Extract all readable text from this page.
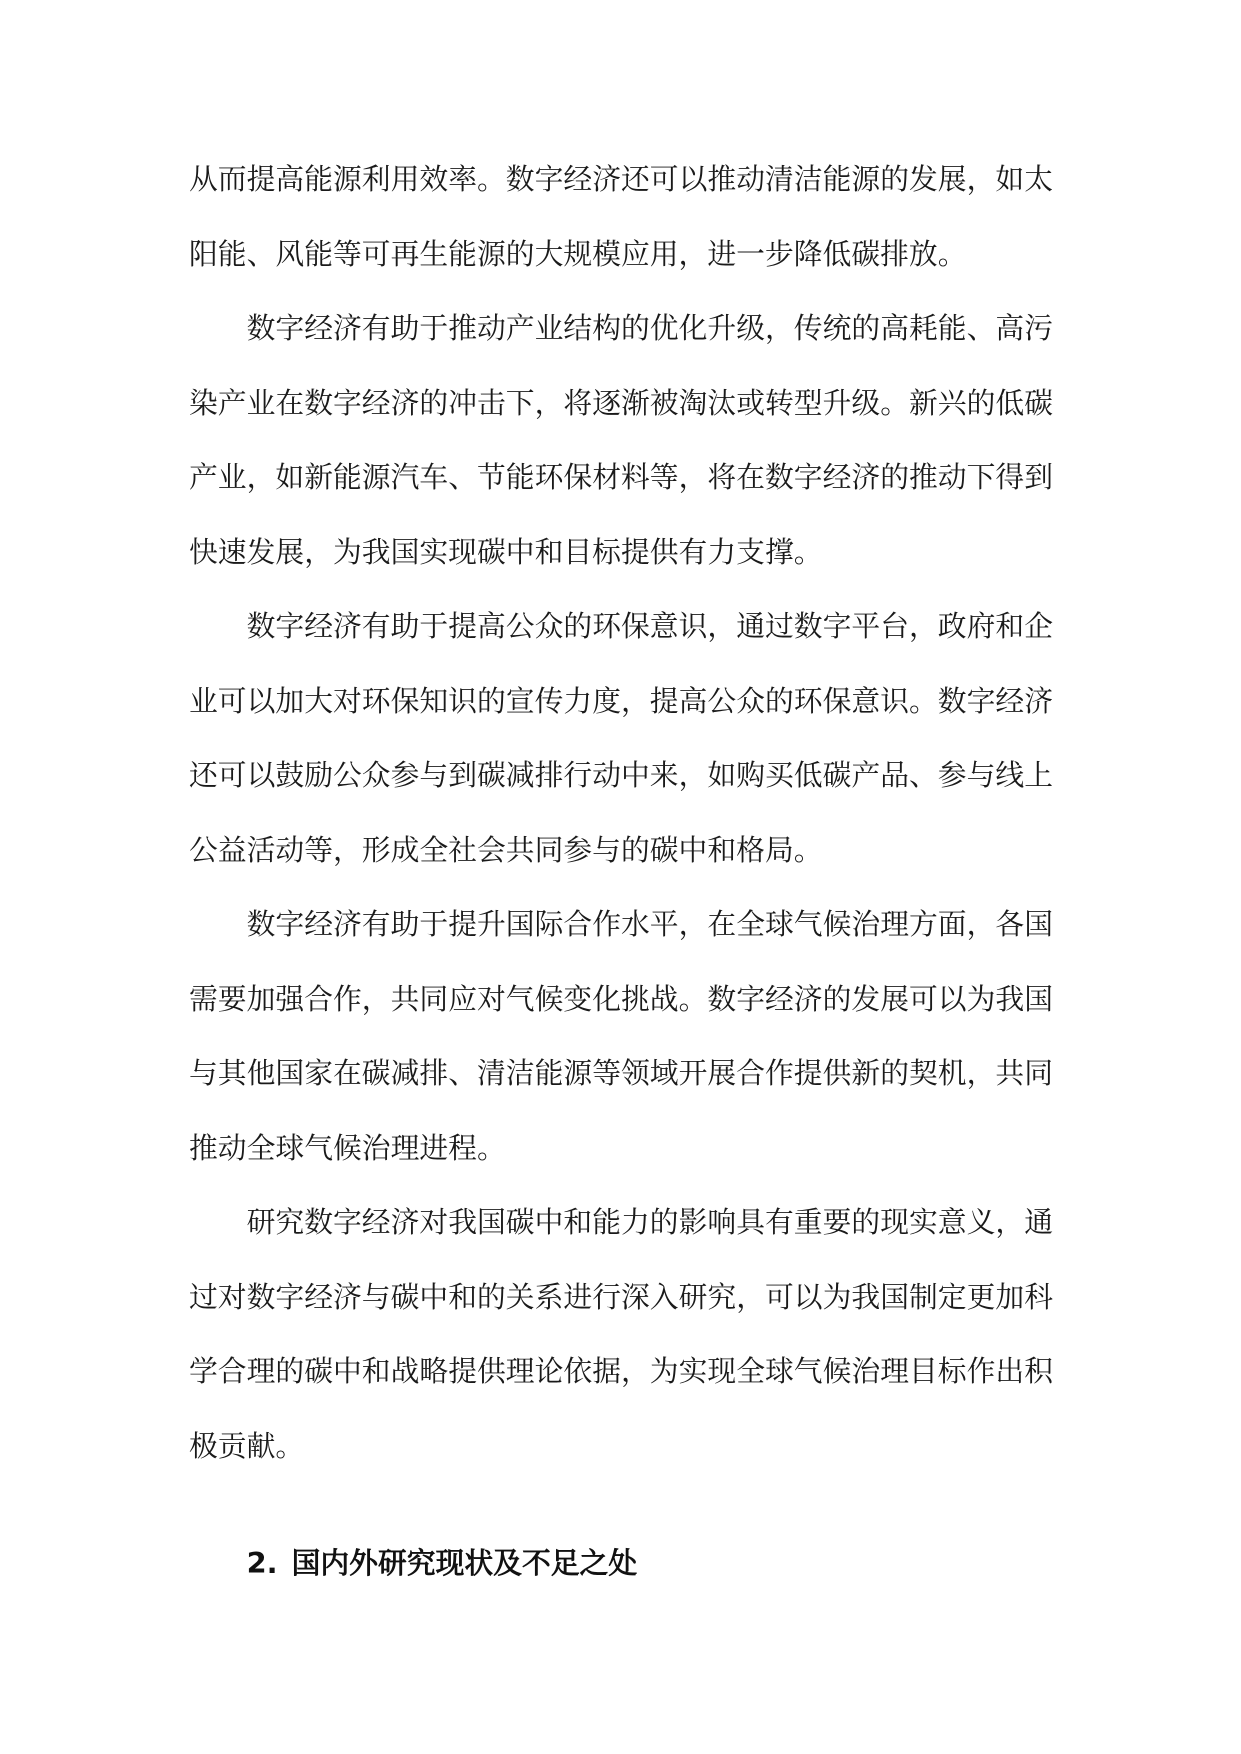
从而提高能源利用效率。数字经济还可以推动清洁能源的发展，如太阳能、风能等可再生能源的大规模应用，进一步降低碳排放。

数字经济有助于推动产业结构的优化升级，传统的高耗能、高污染产业在数字经济的冲击下，将逐渐被淘汰或转型升级。新兴的低碳产业，如新能源汽车、节能环保材料等，将在数字经济的推动下得到快速发展，为我国实现碳中和目标提供有力支撑。

数字经济有助于提高公众的环保意识，通过数字平台，政府和企业可以加大对环保知识的宣传力度，提高公众的环保意识。数字经济还可以鼓励公众参与到碳减排行动中来，如购买低碳产品、参与线上公益活动等，形成全社会共同参与的碳中和格局。

数字经济有助于提升国际合作水平，在全球气候治理方面，各国需要加强合作，共同应对气候变化挑战。数字经济的发展可以为我国与其他国家在碳减排、清洁能源等领域开展合作提供新的契机，共同推动全球气候治理进程。

研究数字经济对我国碳中和能力的影响具有重要的现实意义，通过对数字经济与碳中和的关系进行深入研究，可以为我国制定更加科学合理的碳中和战略提供理论依据，为实现全球气候治理目标作出积极贡献。

2. 国内外研究现状及不足之处
